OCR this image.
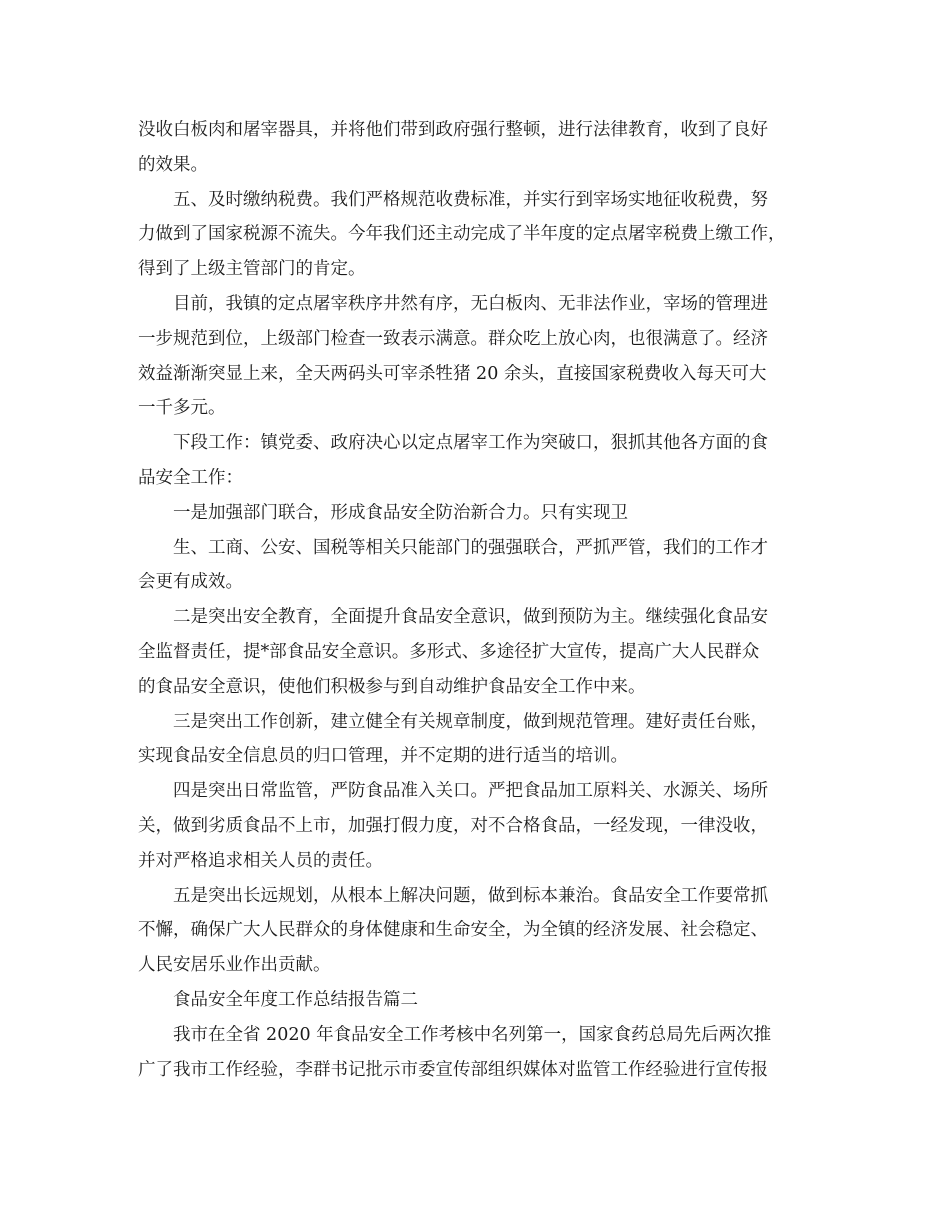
没收白板肉和屠宰器具，并将他们带到政府强行整顿，进行法律教育，收到了良好
的效果。
五、及时缴纳税费。我们严格规范收费标准，并实行到宰场实地征收税费，努
力做到了国家税源不流失。今年我们还主动完成了半年度的定点屠宰税费上缴工作，
得到了上级主管部门的肯定。
目前，我镇的定点屠宰秩序井然有序，无白板肉、无非法作业，宰场的管理进
一步规范到位，上级部门检查一致表示满意。群众吃上放心肉，也很满意了。经济
效益渐渐突显上来，全天两码头可宰杀牲猪 20 余头，直接国家税费收入每天可大
一千多元。
下段工作：镇党委、政府决心以定点屠宰工作为突破口，狠抓其他各方面的食
品安全工作：
一是加强部门联合，形成食品安全防治新合力。只有实现卫
生、工商、公安、国税等相关只能部门的强强联合，严抓严管，我们的工作才
会更有成效。
二是突出安全教育，全面提升食品安全意识，做到预防为主。继续强化食品安
全监督责任，提*部食品安全意识。多形式、多途径扩大宣传，提高广大人民群众
的食品安全意识，使他们积极参与到自动维护食品安全工作中来。
三是突出工作创新，建立健全有关规章制度，做到规范管理。建好责任台账，
实现食品安全信息员的归口管理，并不定期的进行适当的培训。
四是突出日常监管，严防食品准入关口。严把食品加工原料关、水源关、场所
关，做到劣质食品不上市，加强打假力度，对不合格食品，一经发现，一律没收，
并对严格追求相关人员的责任。
五是突出长远规划，从根本上解决问题，做到标本兼治。食品安全工作要常抓
不懈，确保广大人民群众的身体健康和生命安全，为全镇的经济发展、社会稳定、
人民安居乐业作出贡献。
食品安全年度工作总结报告篇二
我市在全省 2020 年食品安全工作考核中名列第一，国家食药总局先后两次推
广了我市工作经验，李群书记批示市委宣传部组织媒体对监管工作经验进行宣传报
